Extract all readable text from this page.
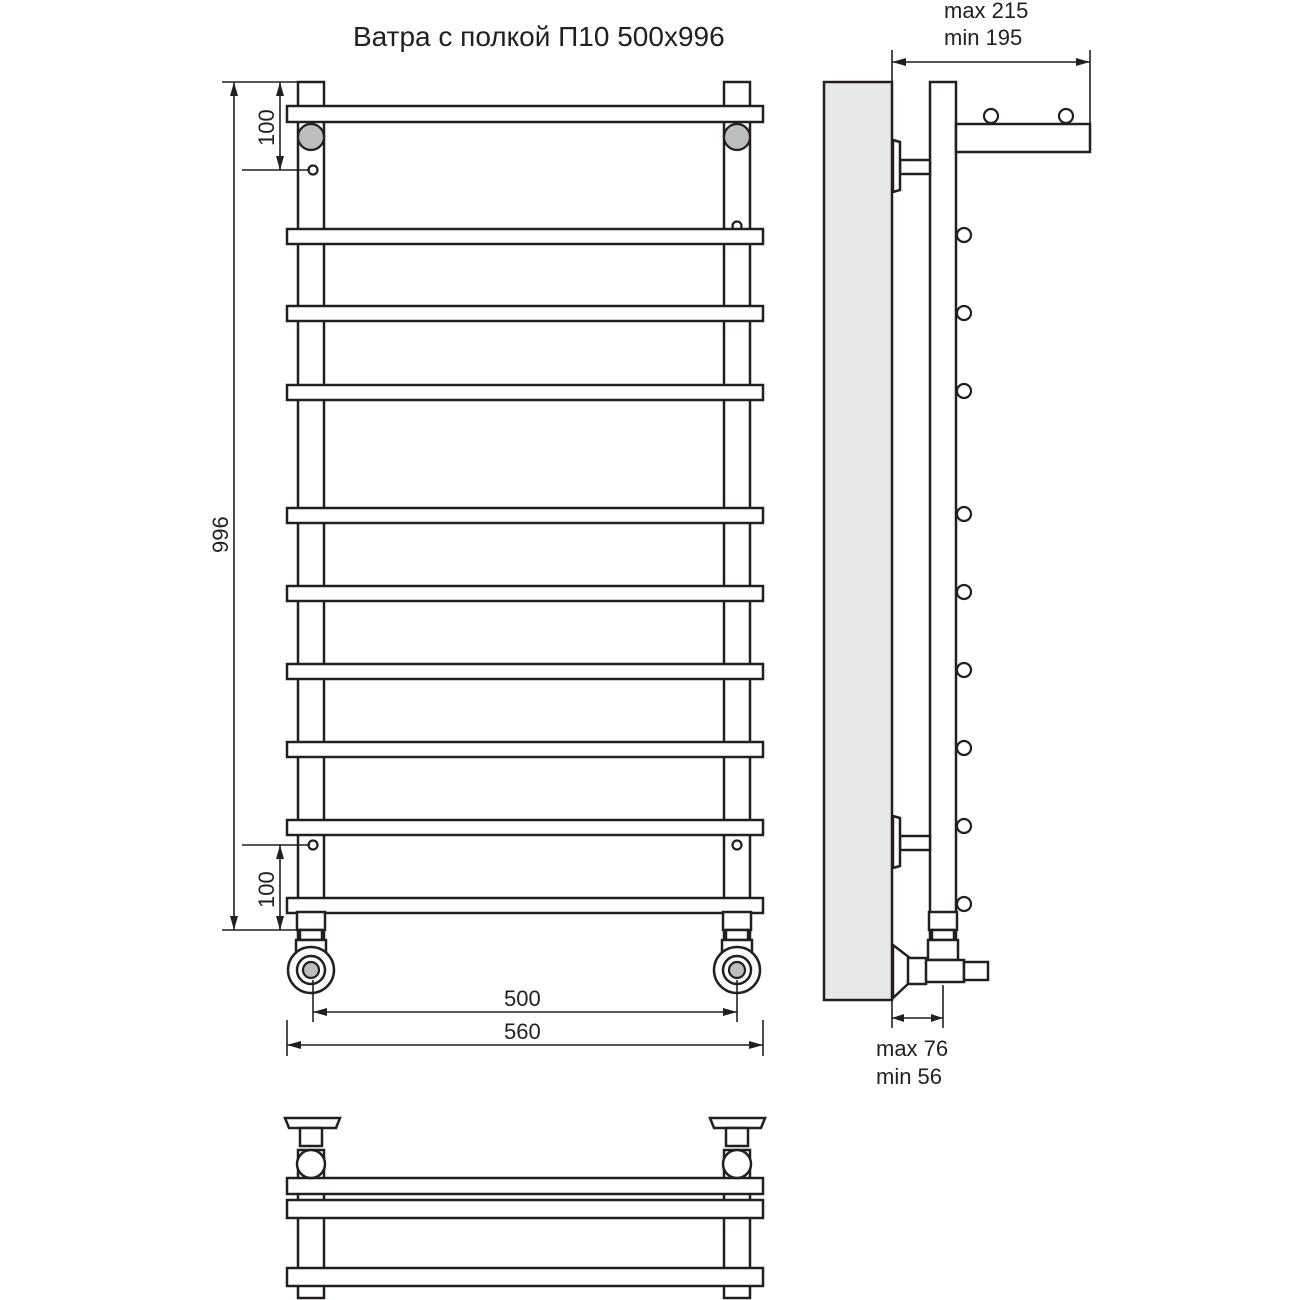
Ватра с полкой П10 500х996
996
100
100
500
560
max 215
min 195
max 76
min 56
